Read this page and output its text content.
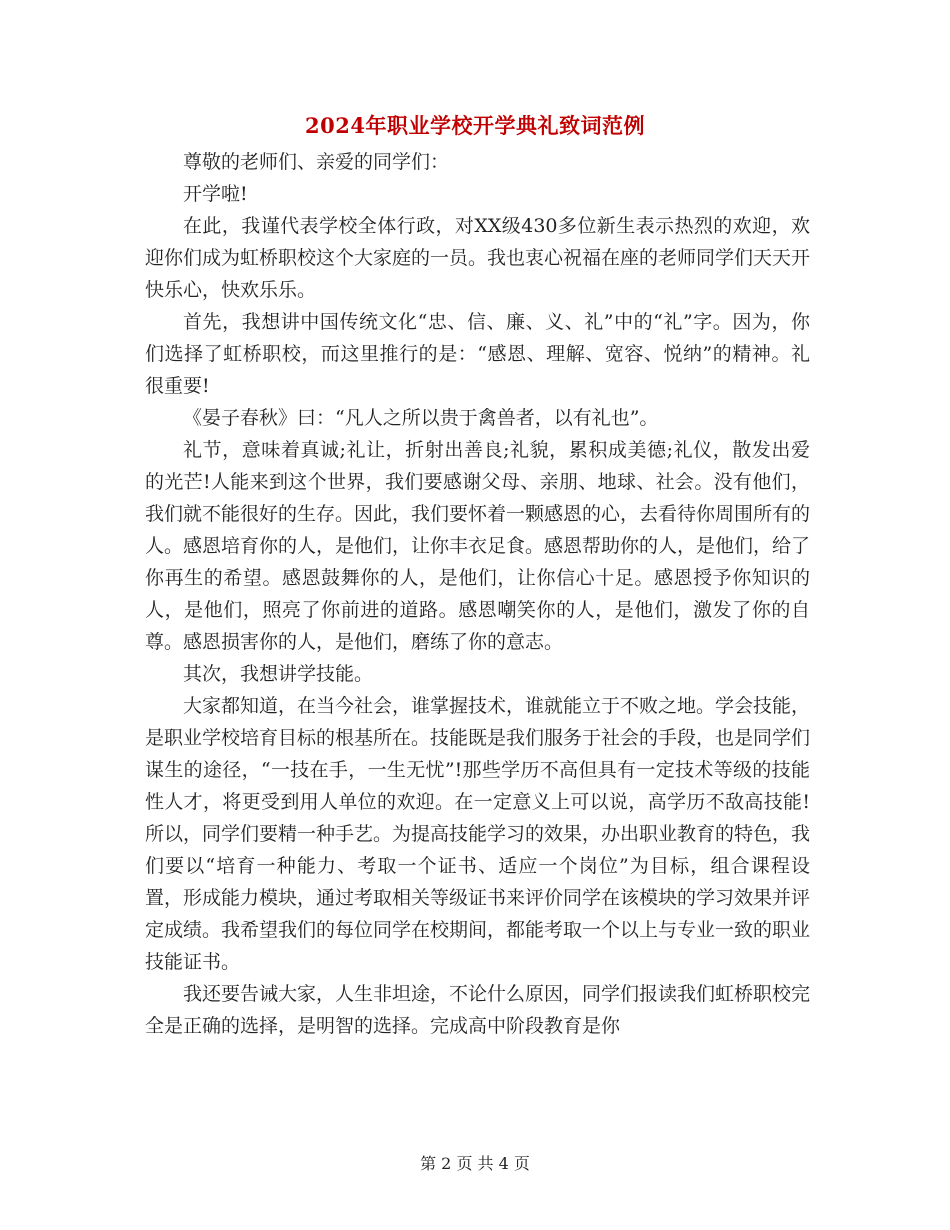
2024年职业学校开学典礼致词范例

尊敬的老师们、亲爱的同学们：

开学啦!

在此，我谨代表学校全体行政，对XX级430多位新生表示热烈的欢迎，欢迎你们成为虹桥职校这个大家庭的一员。我也衷心祝福在座的老师同学们天天开快乐心，快欢乐乐。

首先，我想讲中国传统文化“忠、信、廉、义、礼”中的“礼”字。因为，你们选择了虹桥职校，而这里推行的是：“感恩、理解、宽容、悦纳”的精神。礼很重要!

《晏子春秋》曰：“凡人之所以贵于禽兽者，以有礼也”。

礼节，意味着真诚;礼让，折射出善良;礼貌，累积成美德;礼仪，散发出爱的光芒!人能来到这个世界，我们要感谢父母、亲朋、地球、社会。没有他们，我们就不能很好的生存。因此，我们要怀着一颗感恩的心，去看待你周围所有的人。感恩培育你的人，是他们，让你丰衣足食。感恩帮助你的人，是他们，给了你再生的希望。感恩鼓舞你的人，是他们，让你信心十足。感恩授予你知识的人，是他们，照亮了你前进的道路。感恩嘲笑你的人，是他们，激发了你的自尊。感恩损害你的人，是他们，磨练了你的意志。

其次，我想讲学技能。

大家都知道，在当今社会，谁掌握技术，谁就能立于不败之地。学会技能，是职业学校培育目标的根基所在。技能既是我们服务于社会的手段，也是同学们谋生的途径，“一技在手，一生无忧”!那些学历不高但具有一定技术等级的技能性人才，将更受到用人单位的欢迎。在一定意义上可以说，高学历不敌高技能!所以，同学们要精一种手艺。为提高技能学习的效果，办出职业教育的特色，我们要以“培育一种能力、考取一个证书、适应一个岗位”为目标，组合课程设置，形成能力模块，通过考取相关等级证书来评价同学在该模块的学习效果并评定成绩。我希望我们的每位同学在校期间，都能考取一个以上与专业一致的职业技能证书。

我还要告诫大家，人生非坦途，不论什么原因，同学们报读我们虹桥职校完全是正确的选择，是明智的选择。完成高中阶段教育是你

第 2 页 共 4 页
